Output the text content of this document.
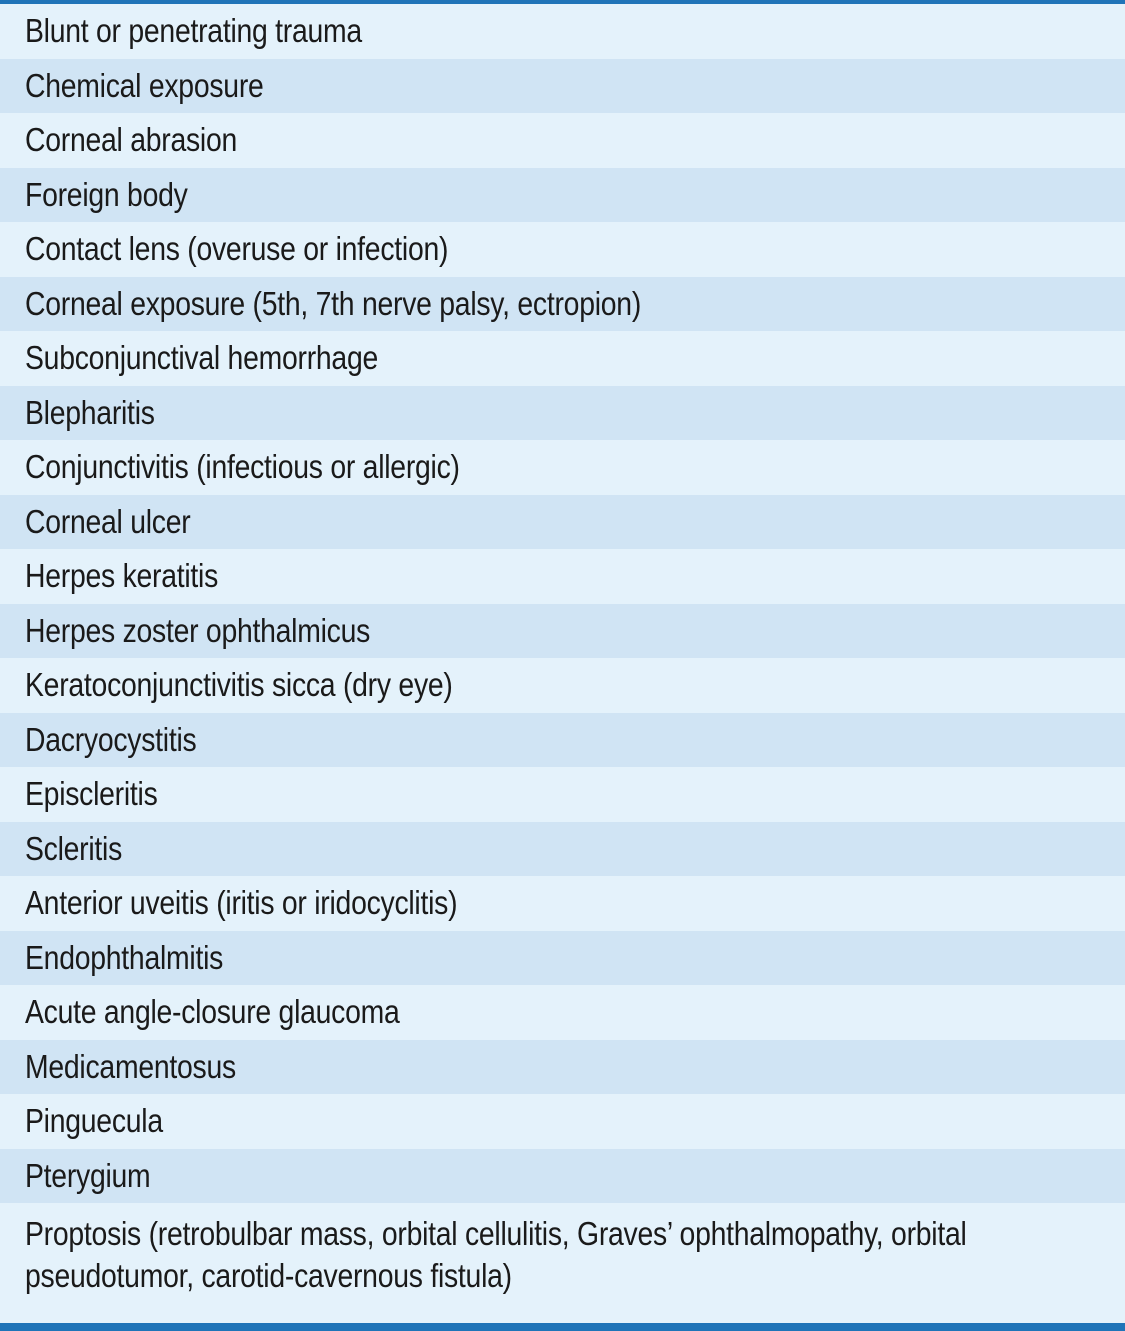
Blunt or penetrating trauma
Chemical exposure
Corneal abrasion
Foreign body
Contact lens (overuse or infection)
Corneal exposure (5th, 7th nerve palsy, ectropion)
Subconjunctival hemorrhage
Blepharitis
Conjunctivitis (infectious or allergic)
Corneal ulcer
Herpes keratitis
Herpes zoster ophthalmicus
Keratoconjunctivitis sicca (dry eye)
Dacryocystitis
Episcleritis
Scleritis
Anterior uveitis (iritis or iridocyclitis)
Endophthalmitis
Acute angle-closure glaucoma
Medicamentosus
Pinguecula
Pterygium
Proptosis (retrobulbar mass, orbital cellulitis, Graves’ ophthalmopathy, orbital pseudotumor, carotid-cavernous fistula)
